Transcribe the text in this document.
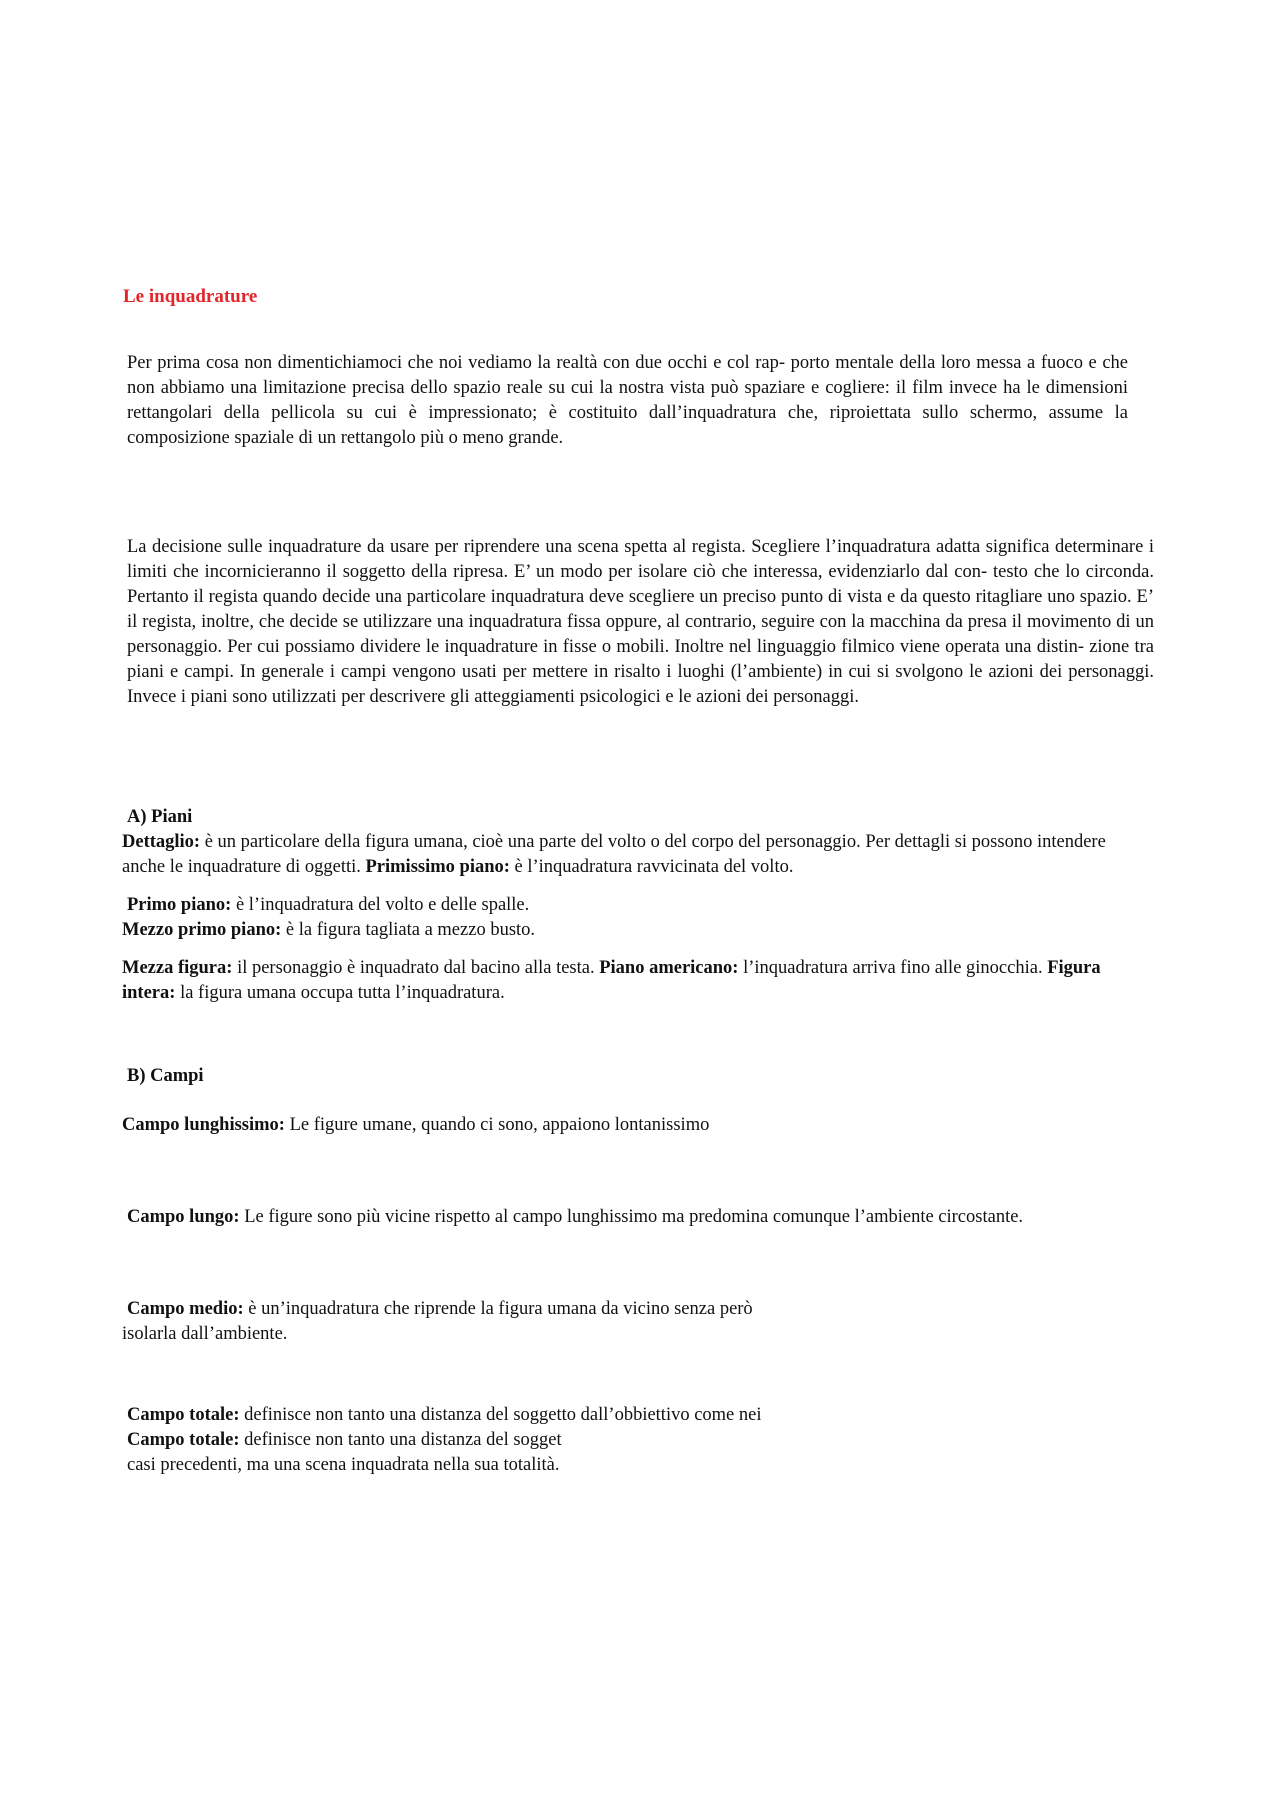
Le inquadrature

Per prima cosa non dimentichiamoci che noi vediamo la realtà con due occhi e col rap- porto mentale della loro messa a fuoco e che non abbiamo una limitazione precisa dello spazio reale su cui la nostra vista può spaziare e cogliere: il film invece ha le dimensioni rettangolari della pellicola su cui è impressionato; è costituito dall’inquadratura che, riproiettata sullo schermo, assume la composizione spaziale di un rettangolo più o meno grande.

La decisione sulle inquadrature da usare per riprendere una scena spetta al regista. Scegliere l’inquadratura adatta significa determinare i limiti che incornicieranno il soggetto della ripresa. E’ un modo per isolare ciò che interessa, evidenziarlo dal con- testo che lo circonda. Pertanto il regista quando decide una particolare inquadratura deve scegliere un preciso punto di vista e da questo ritagliare uno spazio. E’ il regista, inoltre, che decide se utilizzare una inquadratura fissa oppure, al contrario, seguire con la macchina da presa il movimento di un personaggio. Per cui possiamo dividere le inquadrature in fisse o mobili. Inoltre nel linguaggio filmico viene operata una distin- zione tra piani e campi. In generale i campi vengono usati per mettere in risalto i luoghi (l’ambiente) in cui si svolgono le azioni dei personaggi. Invece i piani sono utilizzati per descrivere gli atteggiamenti psicologici e le azioni dei personaggi.

A) Piani

Dettaglio: è un particolare della figura umana, cioè una parte del volto o del corpo del personaggio. Per dettagli si possono intendere anche le inquadrature di oggetti. Primissimo piano: è l’inquadratura ravvicinata del volto.

Primo piano: è l’inquadratura del volto e delle spalle.
Mezzo primo piano: è la figura tagliata a mezzo busto.

Mezza figura: il personaggio è inquadrato dal bacino alla testa. Piano americano: l’inquadratura arriva fino alle ginocchia. Figura intera: la figura umana occupa tutta l’inquadratura.

B) Campi
Campo lunghissimo: Le figure umane, quando ci sono, appaiono lontanissimo

Campo lungo: Le figure sono più vicine rispetto al campo lunghissimo ma predomina comunque l’ambiente circostante.

Campo medio: è un’inquadratura che riprende la figura umana da vicino senza però
isolarla dall’ambiente.
Campo totale: definisce non tanto una distanza del soggetto dall’obbiettivo come nei
Campo totale: definisce non tanto una distanza del sogget
casi precedenti, ma una scena inquadrata nella sua totalità.
